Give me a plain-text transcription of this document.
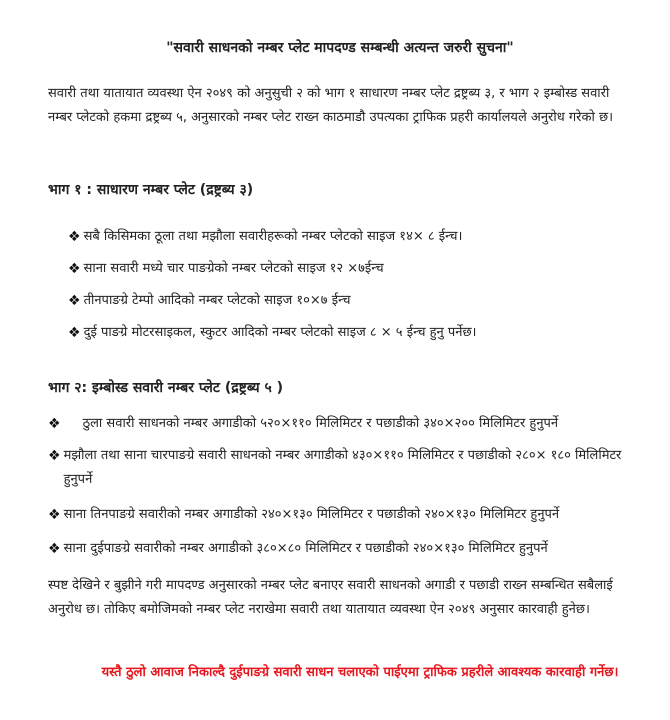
"सवारी साधनको नम्बर प्लेट मापदण्ड सम्बन्धी अत्यन्त जरुरी सुचना"
सवारी तथा यातायात व्यवस्था ऐन २०४९ को अनुसुची २ को भाग १ साधारण नम्बर प्लेट द्रष्ट्रब्य ३, र भाग २ इम्बोस्ड सवारी नम्बर प्लेटको हकमा द्रष्ट्रब्य ५, अनुसारको नम्बर प्लेट राख्न काठमाडौ उपत्यका ट्राफिक प्रहरी कार्यालयले अनुरोध गरेको छ।
भाग १ : साधारण नम्बर प्लेट (द्रष्ट्रब्य ३)
❖ सबै किसिमका ठूला तथा मझौला सवारीहरूको नम्बर प्लेटको साइज १४× ८ ईन्च।
❖ साना सवारी मध्ये चार पाङग्रेको नम्बर प्लेटको साइज १२ ×७ईन्च
❖ तीनपाङग्रे टेम्पो आदिको नम्बर प्लेटको साइज १०×७ ईन्च
❖ दुई पाङग्रे मोटरसाइकल, स्कुटर आदिको नम्बर प्लेटको साइज ८ × ५ ईन्च हुनु पर्नेछ।
भाग २: इम्बोस्ड सवारी नम्बर प्लेट (द्रष्ट्रब्य ५ )
❖ ठुला सवारी साधनको नम्बर अगाडीको ५२०×११० मिलिमिटर र पछाडीको ३४०×२०० मिलिमिटर हुनुपर्ने
❖ मझौला तथा साना चारपाङग्रे सवारी साधनको नम्बर अगाडीको ४३०×११० मिलिमिटर र पछाडीको २८०× १८० मिलिमिटर हुनुपर्ने
❖ साना तिनपाङग्रे सवारीको नम्बर अगाडीको २४०×१३० मिलिमिटर र पछाडीको २४०×१३० मिलिमिटर हुनुपर्ने
❖ साना दुईपाङग्रे सवारीको नम्बर अगाडीको ३८०×८० मिलिमिटर र पछाडीको २४०×१३० मिलिमिटर हुनुपर्ने
स्पष्ट देखिने र बुझीने गरी मापदण्ड अनुसारको नम्बर प्लेट बनाएर सवारी साधनको अगाडी र पछाडी राख्न सम्बन्धित सबैलाई अनुरोध छ। तोकिए बमोजिमको नम्बर प्लेट नराखेमा सवारी तथा यातायात व्यवस्था ऐन २०४९ अनुसार कारवाही हुनेछ।
यस्तै ठुलो आवाज निकाल्दै दुईपाङग्रे सवारी साधन चलाएको पाईएमा ट्राफिक प्रहरीले आवश्यक कारवाही गर्नेछ।
